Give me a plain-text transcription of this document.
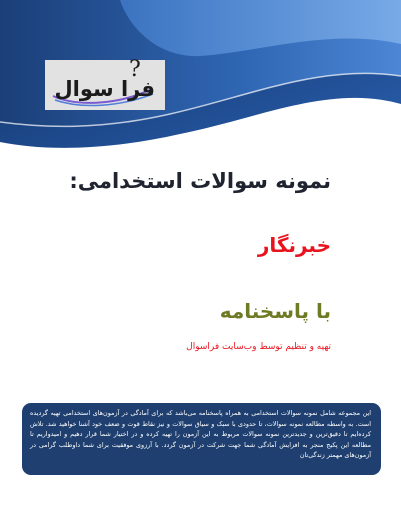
فرا سوال
?
نمونه سوالات استخدامی:
خبرنگار
با پاسخنامه
تهیه و تنظیم توسط وب‌سایت فراسوال
این مجموعه شامل نمونه سوالات استخدامی به همراه پاسخنامه می‌باشد که برای آمادگی در آزمون‌های استخدامی تهیه گردیده است. به واسطه مطالعه نمونه سوالات، تا حدودی با سبک و سیاق سوالات و نیز نقاط قوت و ضعف خود آشنا خواهید شد. تلاش کرده‌ایم تا دقیق‌ترین و جدیدترین نمونه سوالات مربوط به این آزمون را تهیه کرده و در اختیار شما قرار دهیم و امیدواریم تا مطالعه این پکیج منجر به افزایش آمادگی شما جهت شرکت در آزمون گردد. با آرزوی موفقیت برای شما داوطلب گرامی در آزمون‌های مهمتر زندگی‌تان
